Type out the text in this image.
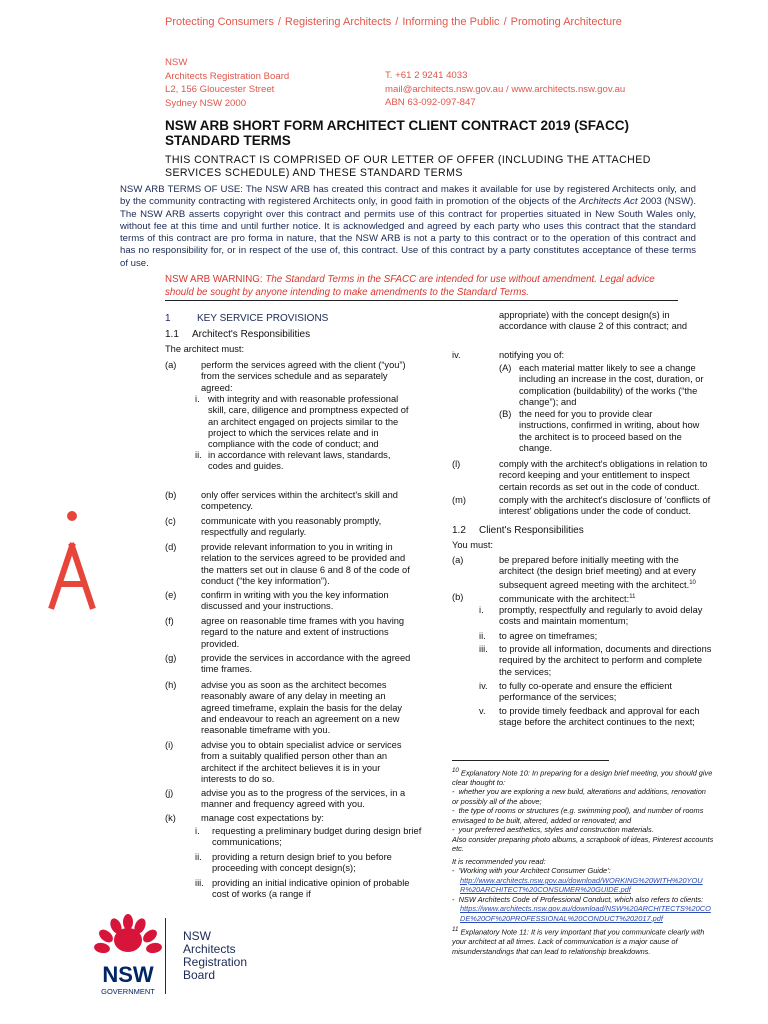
Protecting Consumers / Registering Architects / Informing the Public / Promoting Architecture
NSW
Architects Registration Board
L2, 156 Gloucester Street
Sydney NSW 2000
T. +61 2 9241 4033
mail@architects.nsw.gov.au / www.architects.nsw.gov.au
ABN 63-092-097-847
NSW ARB SHORT FORM ARCHITECT CLIENT CONTRACT 2019 (SFACC) STANDARD TERMS
THIS CONTRACT IS COMPRISED OF OUR LETTER OF OFFER (INCLUDING THE ATTACHED SERVICES SCHEDULE) AND THESE STANDARD TERMS
NSW ARB TERMS OF USE: The NSW ARB has created this contract and makes it available for use by registered Architects only, and by the community contracting with registered Architects only, in good faith in promotion of the objects of the Architects Act 2003 (NSW). The NSW ARB asserts copyright over this contract and permits use of this contract for properties situated in New South Wales only, without fee at this time and until further notice. It is acknowledged and agreed by each party who uses this contract that the standard terms of this contract are pro forma in nature, that the NSW ARB is not a party to this contract or to the operation of this contract and has no responsibility for, or in respect of the use of, this contract. Use of this contract by a party constitutes acceptance of these terms of use.
NSW ARB WARNING: The Standard Terms in the SFACC are intended for use without amendment. Legal advice should be sought by anyone intending to make amendments to the Standard Terms.
1	KEY SERVICE PROVISIONS
1.1 Architect's Responsibilities
The architect must:
(a)	perform the services agreed with the client (“you”) from the services schedule and as separately agreed:
i. with integrity and with reasonable professional skill, care, diligence and promptness expected of an architect engaged on projects similar to the project to which the services relate and in compliance with the code of conduct; and
ii. in accordance with relevant laws, standards, codes and guides.
(b)	only offer services within the architect's skill and competency.
(c)	communicate with you reasonably promptly, respectfully and regularly.
(d)	provide relevant information to you in writing in relation to the services agreed to be provided and the matters set out in clause 6 and 8 of the code of conduct (“the key information”).
(e)	confirm in writing with you the key information discussed and your instructions.
(f)	agree on reasonable time frames with you having regard to the nature and extent of instructions provided.
(g)	provide the services in accordance with the agreed time frames.
(h)	advise you as soon as the architect becomes reasonably aware of any delay in meeting an agreed timeframe, explain the basis for the delay and endeavour to reach an agreement on a new reasonable timeframe with you.
(i)	advise you to obtain specialist advice or services from a suitably qualified person other than an architect if the architect believes it is in your interests to do so.
(j)	advise you as to the progress of the services, in a manner and frequency agreed with you.
(k)	manage cost expectations by:
i. requesting a preliminary budget during design brief communications;
ii. providing a return design brief to you before proceeding with concept design(s);
iii. providing an initial indicative opinion of probable cost of works (a range if
appropriate) with the concept design(s) in accordance with clause 2 of this contract; and
iv.	notifying you of:
(A) each material matter likely to see a change including an increase in the cost, duration, or complication (buildability) of the works (“the change”); and
(B) the need for you to provide clear instructions, confirmed in writing, about how the architect is to proceed based on the change.
(l)	comply with the architect's obligations in relation to record keeping and your entitlement to inspect certain records as set out in the code of conduct.
(m)	comply with the architect's disclosure of 'conflicts of interest' obligations under the code of conduct.
1.2 Client's Responsibilities
You must:
(a)	be prepared before initially meeting with the architect (the design brief meeting) and at every subsequent agreed meeting with the architect.$^{10}$
(b)	communicate with the architect:$^{11}$
i. promptly, respectfully and regularly to avoid delay costs and maintain momentum;
ii. to agree on timeframes;
iii. to provide all information, documents and directions required by the architect to perform and complete the services;
iv. to fully co-operate and ensure the efficient performance of the services;
v. to provide timely feedback and approval for each stage before the architect continues to the next;
$^{10}$ Explanatory Note 10: In preparing for a design brief meeting, you should give clear thought to:
-  whether you are exploring a new build, alterations and additions, renovation or possibly all of the above;
-  the type of rooms or structures (e.g. swimming pool), and number of rooms envisaged to be built, altered, added or renovated; and
-  your preferred aesthetics, styles and construction materials.
Also consider preparing photo albums, a scrapbook of ideas, Pinterest accounts etc.
It is recommended you read:
-  'Working with your Architect Consumer Guide':
http://www.architects.nsw.gov.au/download/WORKING%20WITH%20YOUR%20ARCHITECT%20CONSUMER%20GUIDE.pdf
-  NSW Architects Code of Professional Conduct, which also refers to clients:
https://www.architects.nsw.gov.au/download/NSW%20ARCHITECTS%20CODE%20OF%20PROFESSIONAL%20CONDUCT%202017.pdf
$^{11}$ Explanatory Note 11: It is very important that you communicate clearly with your architect at all times. Lack of communication is a major cause of misunderstandings that can lead to relationship breakdowns.
NSW
GOVERNMENT
NSW
Architects
Registration
Board
